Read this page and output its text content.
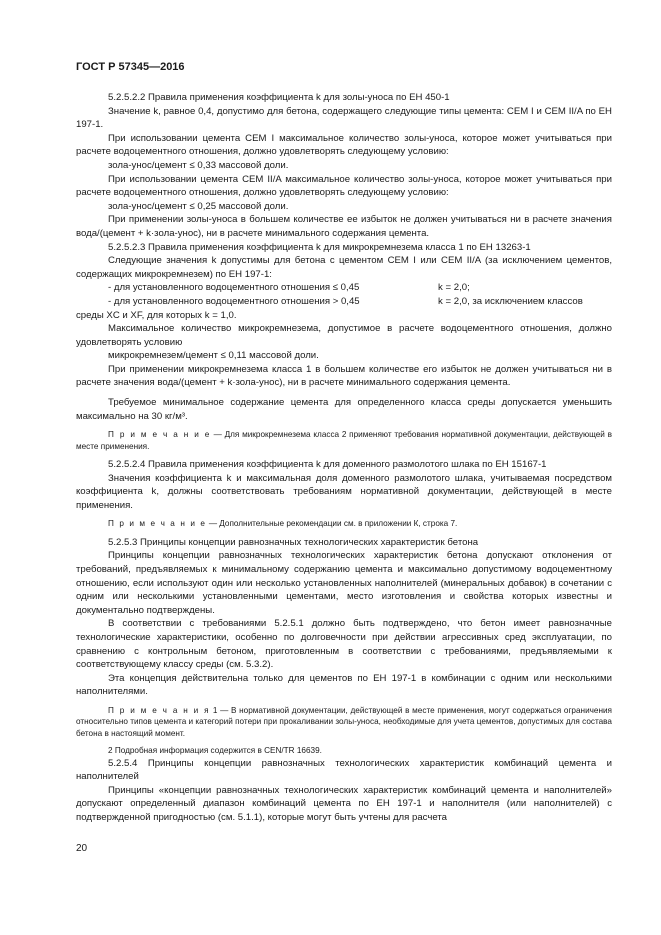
ГОСТ Р 57345—2016

5.2.5.2.2 Правила применения коэффициента k для золы-уноса по ЕН 450-1

Значение k, равное 0,4, допустимо для бетона, содержащего следующие типы цемента: CEM I и CEM II/A по ЕН 197-1.

При использовании цемента CEM I максимальное количество золы-уноса, которое может учитываться при расчете водоцементного отношения, должно удовлетворять следующему условию:

зола-унос/цемент ≤ 0,33 массовой доли.

При использовании цемента CEM II/A максимальное количество золы-уноса, которое может учитываться при расчете водоцементного отношения, должно удовлетворять следующему условию:

зола-унос/цемент ≤ 0,25 массовой доли.

При применении золы-уноса в большем количестве ее избыток не должен учитываться ни в расчете значения вода/(цемент + k·зола-унос), ни в расчете минимального содержания цемента.

5.2.5.2.3 Правила применения коэффициента k для микрокремнезема класса 1 по ЕН 13263-1

Следующие значения k допустимы для бетона с цементом CEM I или CEM II/A (за исключением цементов, содержащих микрокремнезем) по ЕН 197-1:

- для установленного водоцементного отношения ≤ 0,45	k = 2,0;
- для установленного водоцементного отношения > 0,45	k = 2,0, за исключением классов

среды XC и XF, для которых k = 1,0.

Максимальное количество микрокремнезема, допустимое в расчете водоцементного отношения, должно удовлетворять условию

микрокремнезем/цемент ≤ 0,11 массовой доли.

При применении микрокремнезема класса 1 в большем количестве его избыток не должен учитываться ни в расчете значения вода/(цемент + k·зола-унос), ни в расчете минимального содержания цемента.

Требуемое минимальное содержание цемента для определенного класса среды допускается уменьшить максимально на 30 кг/м³.

П р и м е ч а н и е — Для микрокремнезема класса 2 применяют требования нормативной документации, действующей в месте применения.

5.2.5.2.4 Правила применения коэффициента k для доменного размолотого шлака по ЕН 15167-1

Значения коэффициента k и максимальная доля доменного размолотого шлака, учитываемая посредством коэффициента k, должны соответствовать требованиям нормативной документации, действующей в месте применения.

П р и м е ч а н и е — Дополнительные рекомендации см. в приложении К, строка 7.

5.2.5.3 Принципы концепции равнозначных технологических характеристик бетона

Принципы концепции равнозначных технологических характеристик бетона допускают отклонения от требований, предъявляемых к минимальному содержанию цемента и максимально допустимому водоцементному отношению, если используют один или несколько установленных наполнителей (минеральных добавок) в сочетании с одним или несколькими установленными цементами, место изготовления и свойства которых известны и документально подтверждены.

В соответствии с требованиями 5.2.5.1 должно быть подтверждено, что бетон имеет равнозначные технологические характеристики, особенно по долговечности при действии агрессивных сред эксплуатации, по сравнению с контрольным бетоном, приготовленным в соответствии с требованиями, предъявляемыми к соответствующему классу среды (см. 5.3.2).

Эта концепция действительна только для цементов по ЕН 197-1 в комбинации с одним или несколькими наполнителями.

П р и м е ч а н и я 1 — В нормативной документации, действующей в месте применения, могут содержаться ограничения относительно типов цемента и категорий потери при прокаливании золы-уноса, необходимые для учета цементов, допустимых для состава бетона в настоящий момент.

2 Подробная информация содержится в CEN/TR 16639.

5.2.5.4 Принципы концепции равнозначных технологических характеристик комбинаций цемента и наполнителей

Принципы «концепции равнозначных технологических характеристик комбинаций цемента и наполнителей» допускают определенный диапазон комбинаций цемента по ЕН 197-1 и наполнителя (или наполнителей) с подтвержденной пригодностью (см. 5.1.1), которые могут быть учтены для расчета

20
